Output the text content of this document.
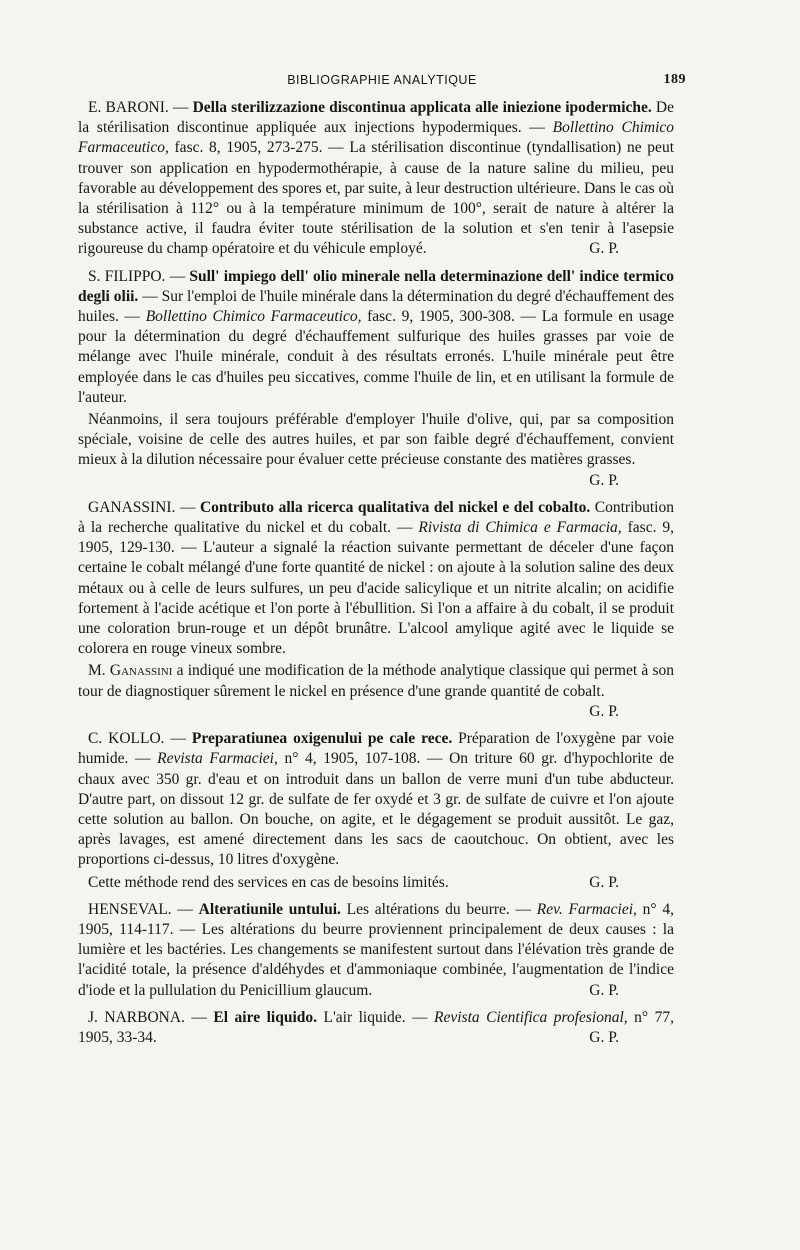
BIBLIOGRAPHIE ANALYTIQUE	189

E. BARONI. — Della sterilizzazione discontinua applicata alle iniezione ipodermiche. De la stérilisation discontinue appliquée aux injections hypodermiques. — Bollettino Chimico Farmaceutico, fasc. 8, 1905, 273-275. — La stérilisation discontinue (tyndallisation) ne peut trouver son application en hypodermothérapie, à cause de la nature saline du milieu, peu favorable au développement des spores et, par suite, à leur destruction ultérieure. Dans le cas où la stérilisation à 112° ou à la température minimum de 100°, serait de nature à altérer la substance active, il faudra éviter toute stérilisation de la solution et s'en tenir à l'asepsie rigoureuse du champ opératoire et du véhicule employé.	G. P.

S. FILIPPO. — Sull' impiego dell' olio minerale nella determinazione dell' indice termico degli olii. — Sur l'emploi de l'huile minérale dans la détermination du degré d'échauffement des huiles. — Bollettino Chimico Farmaceutico, fasc. 9, 1905, 300-308. — La formule en usage pour la détermination du degré d'échauffement sulfurique des huiles grasses par voie de mélange avec l'huile minérale, conduit à des résultats erronés. L'huile minérale peut être employée dans le cas d'huiles peu siccatives, comme l'huile de lin, et en utilisant la formule de l'auteur.

Néanmoins, il sera toujours préférable d'employer l'huile d'olive, qui, par sa composition spéciale, voisine de celle des autres huiles, et par son faible degré d'échauffement, convient mieux à la dilution nécessaire pour évaluer cette précieuse constante des matières grasses.
G. P.

GANASSINI. — Contributo alla ricerca qualitativa del nickel e del cobalto. Contribution à la recherche qualitative du nickel et du cobalt. — Rivista di Chimica e Farmacia, fasc. 9, 1905, 129-130. — L'auteur a signalé la réaction suivante permettant de déceler d'une façon certaine le cobalt mélangé d'une forte quantité de nickel : on ajoute à la solution saline des deux métaux ou à celle de leurs sulfures, un peu d'acide salicylique et un nitrite alcalin; on acidifie fortement à l'acide acétique et l'on porte à l'ébullition. Si l'on a affaire à du cobalt, il se produit une coloration brun-rouge et un dépôt brunâtre. L'alcool amylique agité avec le liquide se colorera en rouge vineux sombre.

M. Ganassini a indiqué une modification de la méthode analytique classique qui permet à son tour de diagnostiquer sûrement le nickel en présence d'une grande quantité de cobalt.
G. P.

C. KOLLO. — Preparatiunea oxigenului pe cale rece. Préparation de l'oxygène par voie humide. — Revista Farmaciei, n° 4, 1905, 107-108. — On triture 60 gr. d'hypochlorite de chaux avec 350 gr. d'eau et on introduit dans un ballon de verre muni d'un tube abducteur. D'autre part, on dissout 12 gr. de sulfate de fer oxydé et 3 gr. de sulfate de cuivre et l'on ajoute cette solution au ballon. On bouche, on agite, et le dégagement se produit aussitôt. Le gaz, après lavages, est amené directement dans les sacs de caoutchouc. On obtient, avec les proportions ci-dessus, 10 litres d'oxygène.

Cette méthode rend des services en cas de besoins limités.	G. P.

HENSEVAL. — Alteratiunile untului. Les altérations du beurre. — Rev. Farmaciei, n° 4, 1905, 114-117. — Les altérations du beurre proviennent principalement de deux causes : la lumière et les bactéries. Les changements se manifestent surtout dans l'élévation très grande de l'acidité totale, la présence d'aldéhydes et d'ammoniaque combinée, l'augmentation de l'indice d'iode et la pullulation du Penicillium glaucum.	G. P.

J. NARBONA. — El aire liquido. L'air liquide. — Revista Cientifica profesional, n° 77, 1905, 33-34.	G. P.
